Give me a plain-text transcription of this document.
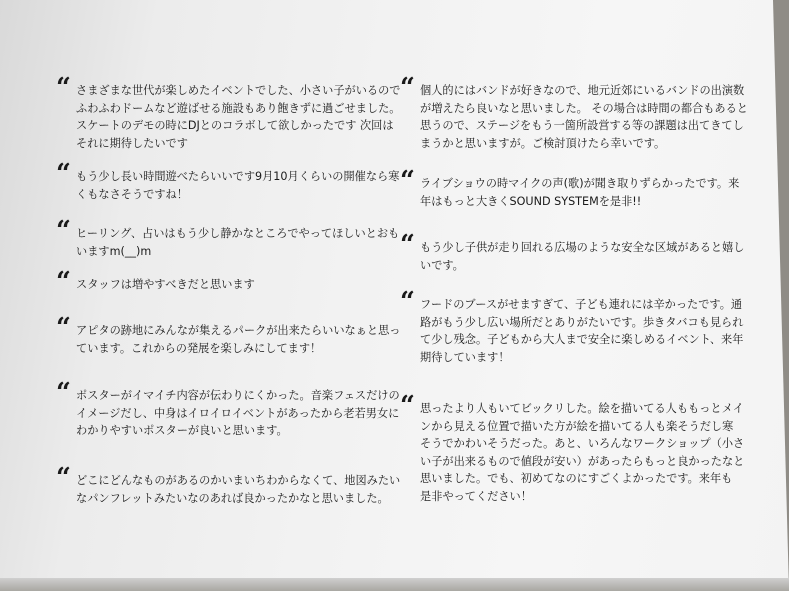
“ さまざまな世代が楽しめたイベントでした、小さい子がいるので
ふわふわドームなど遊ばせる施設もあり飽きずに過ごせました。
スケートのデモの時にDJとのコラボして欲しかったです 次回は
それに期待したいです
“ もう少し長い時間遊べたらいいです9月10月くらいの開催なら寒
くもなさそうですね！
“ ヒーリング、占いはもう少し静かなところでやってほしいとおも
いますm(__)m
“ スタッフは増やすべきだと思います
“ アピタの跡地にみんなが集えるパークが出来たらいいなぁと思っ
ています。これからの発展を楽しみにしてます！
“ ポスターがイマイチ内容が伝わりにくかった。音楽フェスだけの
イメージだし、中身はイロイロイベントがあったから老若男女に
わかりやすいポスターが良いと思います。
“ どこにどんなものがあるのかいまいちわからなくて、地図みたい
なパンフレットみたいなのあれば良かったかなと思いました。
“ 個人的にはバンドが好きなので、地元近郊にいるバンドの出演数
が増えたら良いなと思いました。 その場合は時間の都合もあると
思うので、ステージをもう一箇所設営する等の課題は出てきてし
まうかと思いますが。ご検討頂けたら幸いです。
“ ライブショウの時マイクの声(歌)が聞き取りずらかったです。来
年はもっと大きくSOUND SYSTEMを是非!!
“ もう少し子供が走り回れる広場のような安全な区域があると嬉し
いです。
“ フードのブースがせますぎて、子ども連れには辛かったです。通
路がもう少し広い場所だとありがたいです。歩きタバコも見られ
て少し残念。子どもから大人まで安全に楽しめるイベント、来年
期待しています！
“ 思ったより人もいてビックリした。絵を描いてる人ももっとメイ
ンから見える位置で描いた方が絵を描いてる人も楽そうだし寒
そうでかわいそうだった。あと、いろんなワークショップ（小さ
い子が出来るもので値段が安い）があったらもっと良かったなと
思いました。でも、初めてなのにすごくよかったです。来年も
是非やってください！
